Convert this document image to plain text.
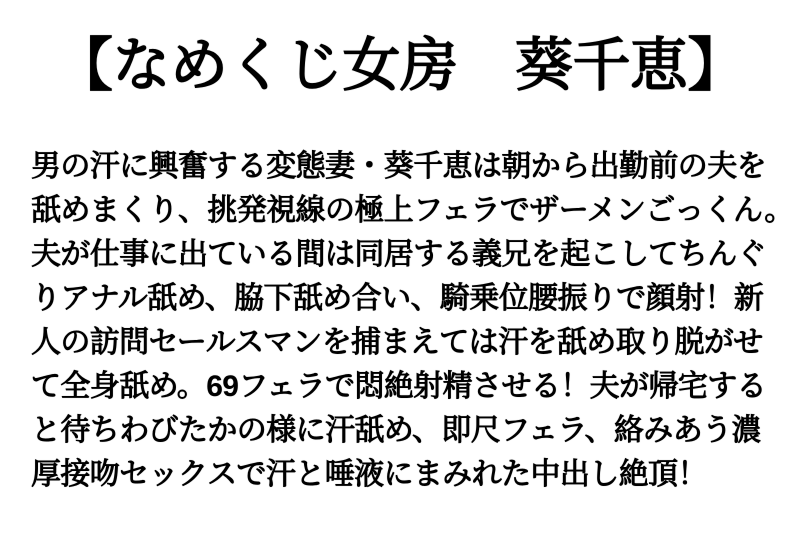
【なめくじ女房　葵千恵】
男の汗に興奮する変態妻・葵千恵は朝から出勤前の夫を
舐めまくり、挑発視線の極上フェラでザーメンごっくん。
夫が仕事に出ている間は同居する義兄を起こしてちんぐ
りアナル舐め、脇下舐め合い、騎乗位腰振りで顔射！新
人の訪問セールスマンを捕まえては汗を舐め取り脱がせ
て全身舐め。69フェラで悶絶射精させる！夫が帰宅する
と待ちわびたかの様に汗舐め、即尺フェラ、絡みあう濃
厚接吻セックスで汗と唾液にまみれた中出し絶頂！
